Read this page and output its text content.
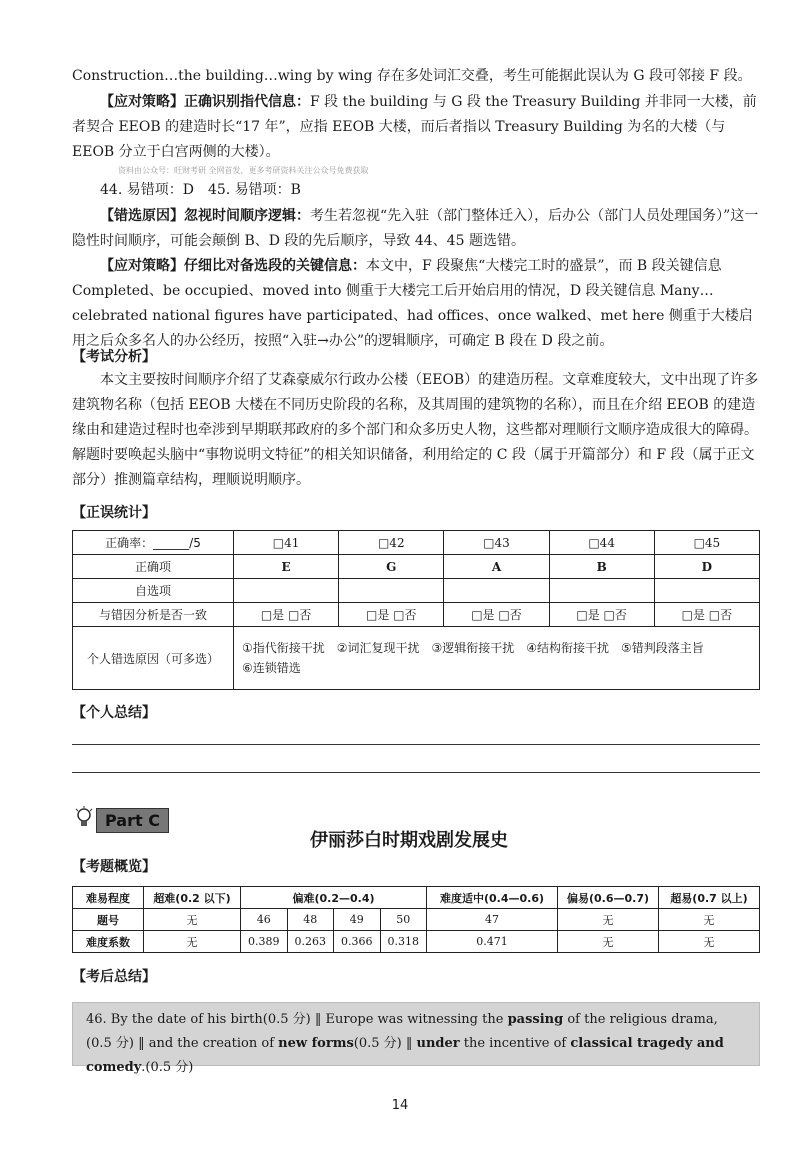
Construction…the building…wing by wing 存在多处词汇交叠，考生可能据此误认为 G 段可邻接 F 段。

【应对策略】正确识别指代信息：F 段 the building 与 G 段 the Treasury Building 并非同一大楼，前者契合 EEOB 的建造时长“17 年”，应指 EEOB 大楼，而后者指以 Treasury Building 为名的大楼（与 EEOB 分立于白宫两侧的大楼）。

资料由公众号：旺财考研 全网首发，更多考研资料关注公众号免费获取

44. 易错项：D　45. 易错项：B

【错选原因】忽视时间顺序逻辑：考生若忽视“先入驻（部门整体迁入），后办公（部门人员处理国务）”这一隐性时间顺序，可能会颠倒 B、D 段的先后顺序，导致 44、45 题选错。

【应对策略】仔细比对备选段的关键信息：本文中，F 段聚焦“大楼完工时的盛景”，而 B 段关键信息 Completed、be occupied、moved into 侧重于大楼完工后开始启用的情况，D 段关键信息 Many…celebrated national figures have participated、had offices、once walked、met here 侧重于大楼启用之后众多名人的办公经历，按照“入驻→办公”的逻辑顺序，可确定 B 段在 D 段之前。

【考试分析】

本文主要按时间顺序介绍了艾森豪威尔行政办公楼（EEOB）的建造历程。文章难度较大，文中出现了许多建筑物名称（包括 EEOB 大楼在不同历史阶段的名称，及其周围的建筑物的名称），而且在介绍 EEOB 的建造缘由和建造过程时也牵涉到早期联邦政府的多个部门和众多历史人物，这些都对理顺行文顺序造成很大的障碍。解题时要唤起头脑中“事物说明文特征”的相关知识储备，利用给定的 C 段（属于开篇部分）和 F 段（属于正文部分）推测篇章结构，理顺说明顺序。

【正误统计】
正确率：______/5	□41	□42	□43	□44	□45
正确项	E	G	A	B	D
自选项					
与错因分析是否一致	□是 □否	□是 □否	□是 □否	□是 □否	□是 □否
个人错选原因（可多选）	①指代衔接干扰　②词汇复现干扰　③逻辑衔接干扰　④结构衔接干扰　⑤错判段落主旨
⑥连锁错选				
【个人总结】
Part C
伊丽莎白时期戏剧发展史
【考题概览】
难易程度	超难(0.2 以下)	偏难(0.2—0.4)				难度适中(0.4—0.6)	偏易(0.6—0.7)	超易(0.7 以上)
题号	无	46	48	49	50	47	无	无
难度系数	无	0.389	0.263	0.366	0.318	0.471	无	无
【考后总结】
46. By the date of his birth(0.5 分) ‖ Europe was witnessing the passing of the religious drama, (0.5 分) ‖ and the creation of new forms(0.5 分) ‖ under the incentive of classical tragedy and comedy.(0.5 分)
14
